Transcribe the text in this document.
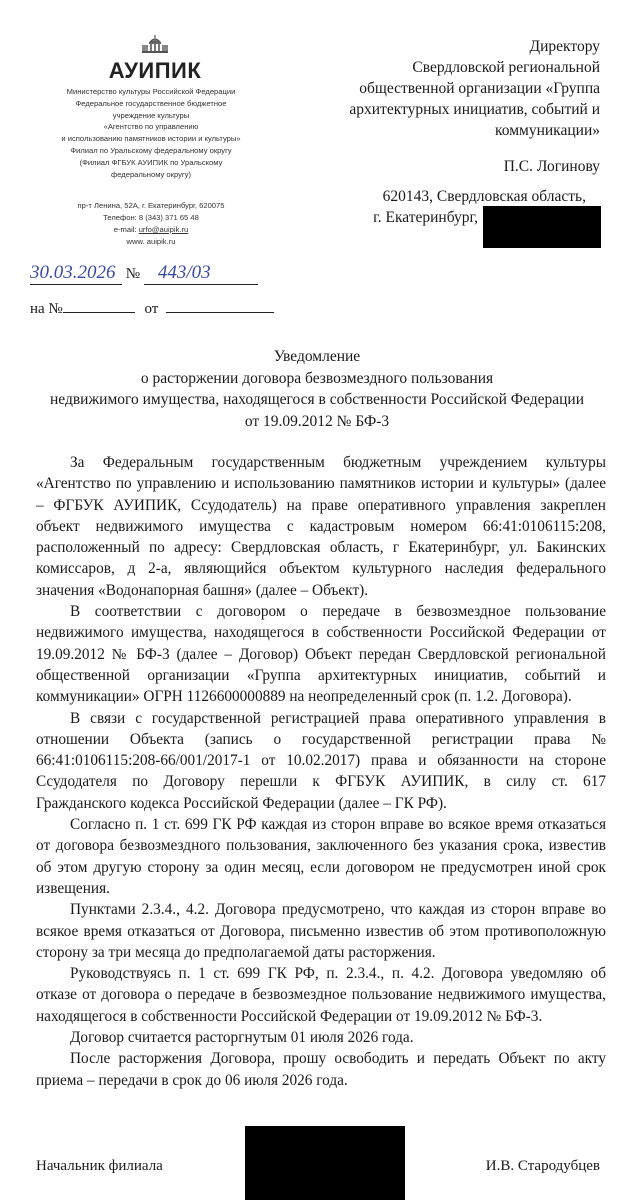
АУИПИК
Министерство культуры Российской Федерации
Федеральное государственное бюджетное
учреждение культуры
«Агентство по управлению
и использованию памятников истории и культуры»
Филиал по Уральскому федеральному округу
(Филиал ФГБУК АУИПИК по Уральскому
федеральному округу)
пр-т Ленина, 52А, г. Екатеринбург, 620075
Телефон: 8 (343) 371 65 48
e-mail: urfo@auipik.ru
www. auipik.ru
30.03.2026 № 443/03
на №	от
Директору
Свердловской региональной
общественной организации «Группа
архитектурных инициатив, событий и
коммуникации»
П.С. Логинову
620143, Свердловская область,
г. Екатеринбург,
Уведомление
о расторжении договора безвозмездного пользования
недвижимого имущества, находящегося в собственности Российской Федерации
от 19.09.2012 № БФ-3
За Федеральным государственным бюджетным учреждением культуры
«Агентство по управлению и использованию памятников истории и культуры» (далее
– ФГБУК АУИПИК, Ссудодатель) на праве оперативного управления закреплен
объект недвижимого имущества с кадастровым номером 66:41:0106115:208,
расположенный по адресу: Свердловская область, г Екатеринбург, ул. Бакинских
комиссаров, д 2-а, являющийся объектом культурного наследия федерального
значения «Водонапорная башня» (далее – Объект).
В соответствии с договором о передаче в безвозмездное пользование
недвижимого имущества, находящегося в собственности Российской Федерации от
19.09.2012 № БФ-3 (далее – Договор) Объект передан Свердловской региональной
общественной организации «Группа архитектурных инициатив, событий и
коммуникации» ОГРН 1126600000889 на неопределенный срок (п. 1.2. Договора).
В связи с государственной регистрацией права оперативного управления в
отношении Объекта (запись о государственной регистрации права №
66:41:0106115:208-66/001/2017-1 от 10.02.2017) права и обязанности на стороне
Ссудодателя по Договору перешли к ФГБУК АУИПИК, в силу ст. 617
Гражданского кодекса Российской Федерации (далее – ГК РФ).
Согласно п. 1 ст. 699 ГК РФ каждая из сторон вправе во всякое время отказаться
от договора безвозмездного пользования, заключенного без указания срока, известив
об этом другую сторону за один месяц, если договором не предусмотрен иной срок
извещения.
Пунктами 2.3.4., 4.2. Договора предусмотрено, что каждая из сторон вправе во
всякое время отказаться от Договора, письменно известив об этом противоположную
сторону за три месяца до предполагаемой даты расторжения.
Руководствуясь п. 1 ст. 699 ГК РФ, п. 2.3.4., п. 4.2. Договора уведомляю об
отказе от договора о передаче в безвозмездное пользование недвижимого имущества,
находящегося в собственности Российской Федерации от 19.09.2012 № БФ-3.
Договор считается расторгнутым 01 июля 2026 года.
После расторжения Договора, прошу освободить и передать Объект по акту
приема – передачи в срок до 06 июля 2026 года.
Начальник филиала	И.В. Стародубцев
